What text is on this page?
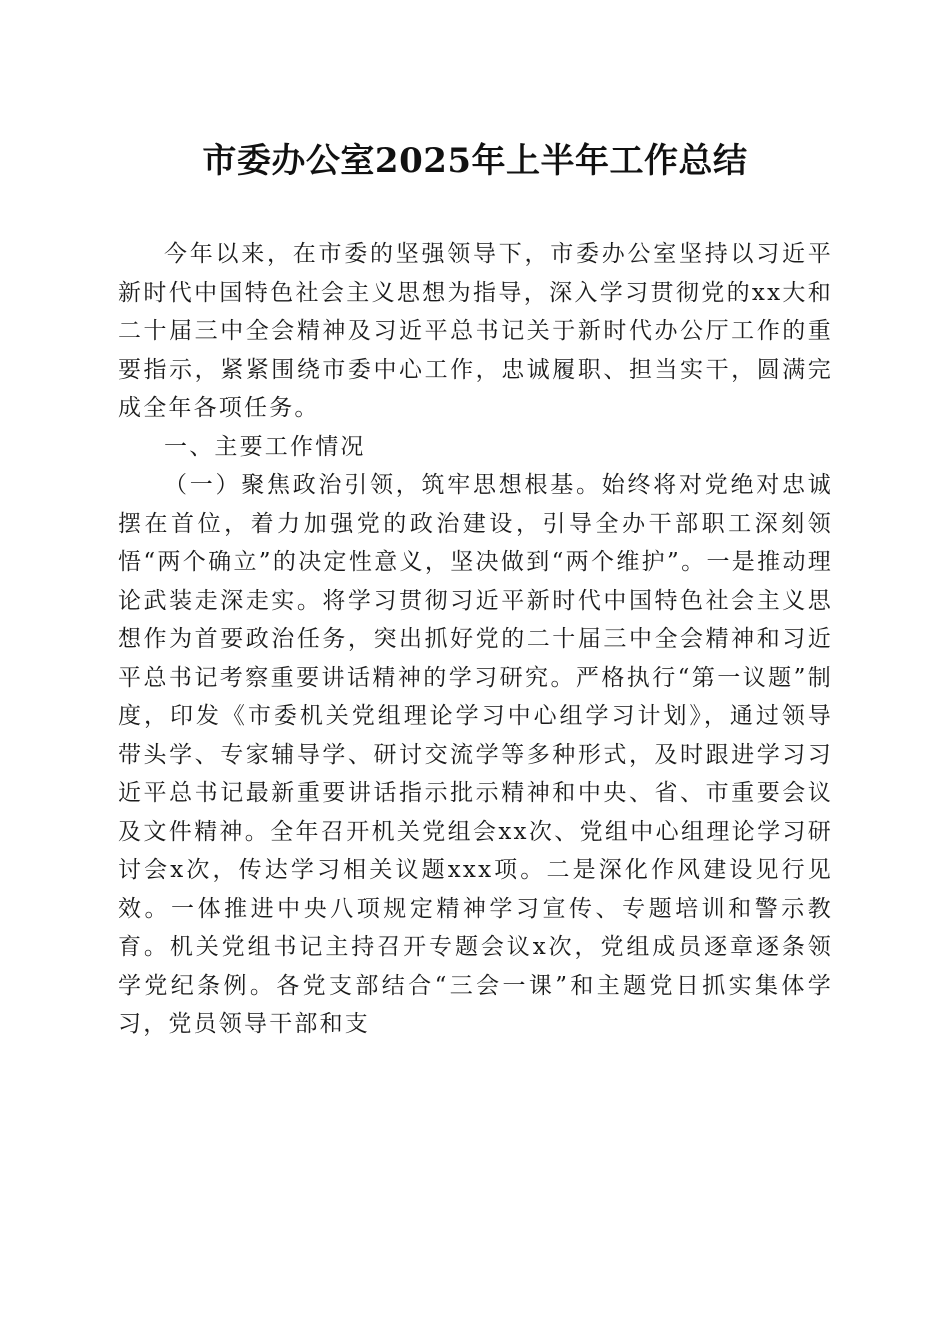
市委办公室2025年上半年工作总结

今年以来，在市委的坚强领导下，市委办公室坚持以习近平新时代中国特色社会主义思想为指导，深入学习贯彻党的xx大和二十届三中全会精神及习近平总书记关于新时代办公厅工作的重要指示，紧紧围绕市委中心工作，忠诚履职、担当实干，圆满完成全年各项任务。

一、主要工作情况

（一）聚焦政治引领，筑牢思想根基。始终将对党绝对忠诚摆在首位，着力加强党的政治建设，引导全办干部职工深刻领悟“两个确立”的决定性意义，坚决做到“两个维护”。一是推动理论武装走深走实。将学习贯彻习近平新时代中国特色社会主义思想作为首要政治任务，突出抓好党的二十届三中全会精神和习近平总书记考察重要讲话精神的学习研究。严格执行“第一议题”制度，印发《市委机关党组理论学习中心组学习计划》，通过领导带头学、专家辅导学、研讨交流学等多种形式，及时跟进学习习近平总书记最新重要讲话指示批示精神和中央、省、市重要会议及文件精神。全年召开机关党组会xx次、党组中心组理论学习研讨会x次，传达学习相关议题xxx项。二是深化作风建设见行见效。一体推进中央八项规定精神学习宣传、专题培训和警示教育。机关党组书记主持召开专题会议x次，党组成员逐章逐条领学党纪条例。各党支部结合“三会一课”和主题党日抓实集体学习，党员领导干部和支
